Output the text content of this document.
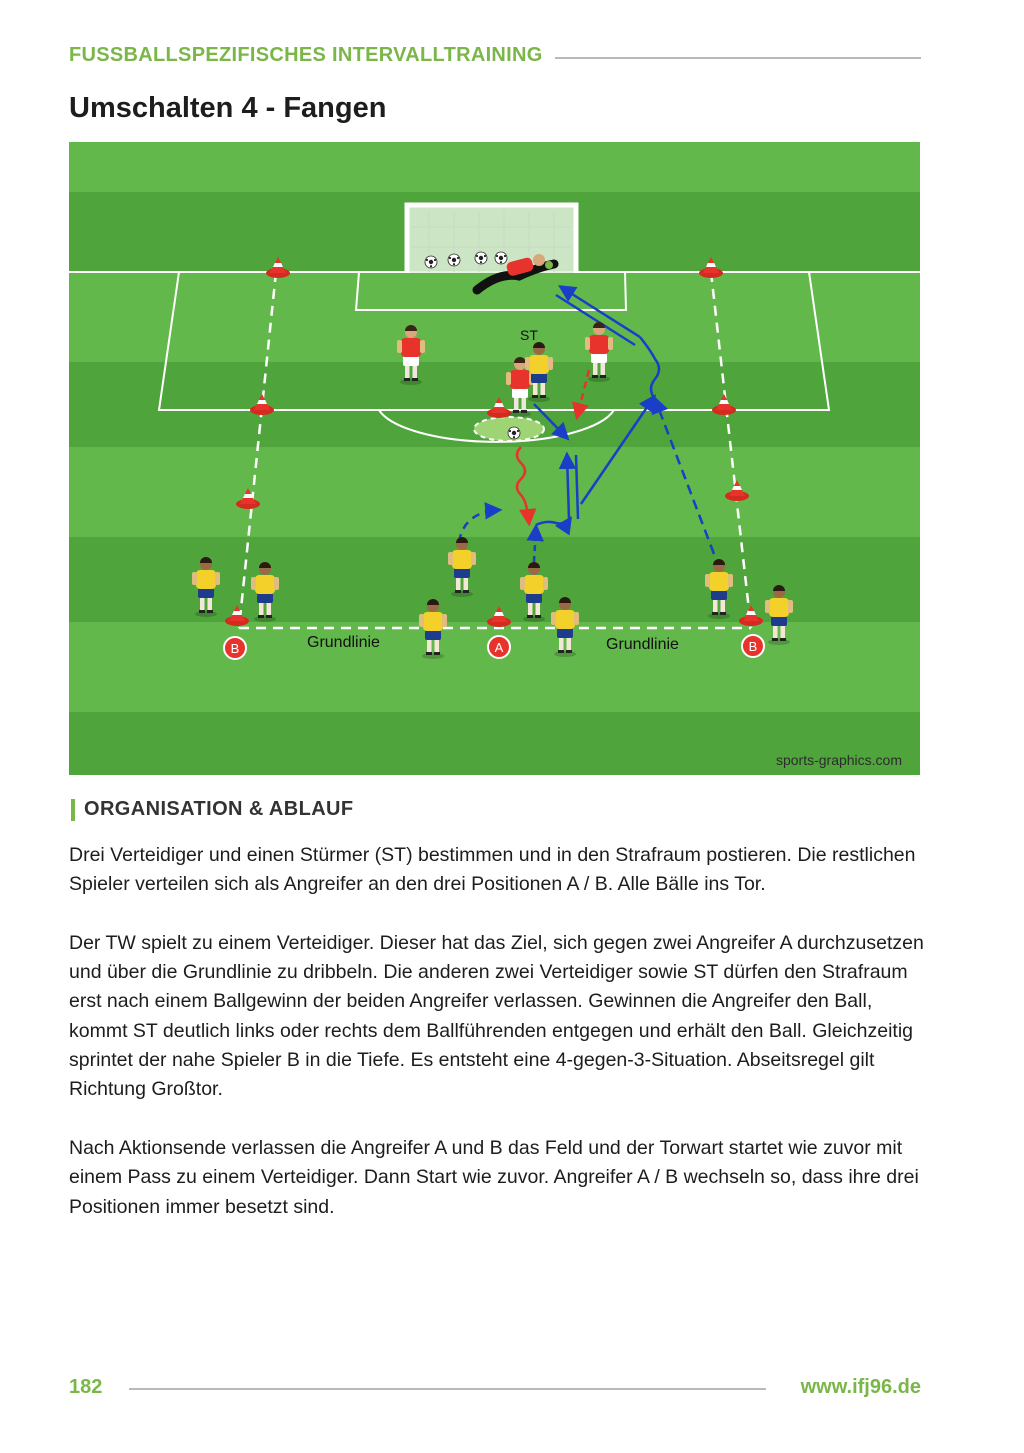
FUSSBALLSPEZIFISCHES INTERVALLTRAINING
Umschalten 4 - Fangen
B	A	B
ST
Grundlinie	Grundlinie
sports-graphics.com
ORGANISATION & ABLAUF

Drei Verteidiger und einen Stürmer (ST) bestimmen und in den Strafraum postieren. Die restlichen Spieler verteilen sich als Angreifer an den drei Positionen A / B. Alle Bälle ins Tor.

Der TW spielt zu einem Verteidiger. Dieser hat das Ziel, sich gegen zwei Angreifer A durchzusetzen und über die Grundlinie zu dribbeln. Die anderen zwei Verteidiger sowie ST dürfen den Strafraum erst nach einem Ballgewinn der beiden Angreifer verlassen. Gewinnen die Angreifer den Ball, kommt ST deutlich links oder rechts dem Ballführenden entgegen und erhält den Ball. Gleichzeitig sprintet der nahe Spieler B in die Tiefe. Es entsteht eine 4-gegen-3-Situation. Abseitsregel gilt Richtung Großtor.

Nach Aktionsende verlassen die Angreifer A und B das Feld und der Torwart startet wie zuvor mit einem Pass zu einem Verteidiger. Dann Start wie zuvor. Angreifer A / B wechseln so, dass ihre drei Positionen immer besetzt sind.

182	www.ifj96.de
